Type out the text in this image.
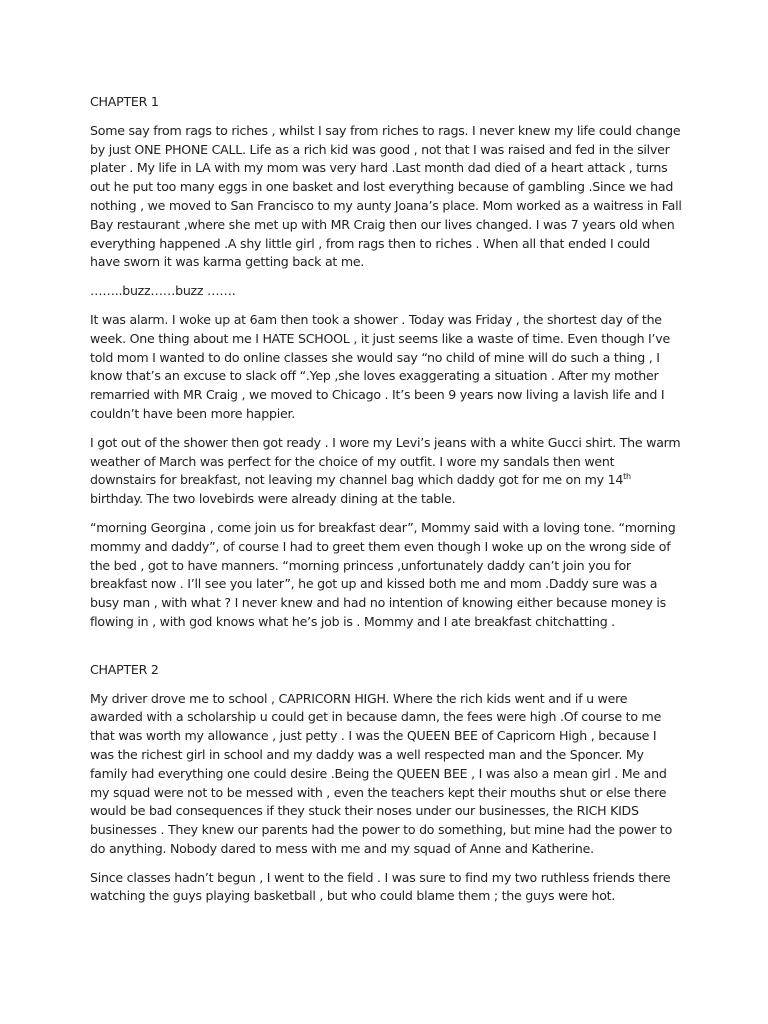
CHAPTER 1

Some say from rags to riches , whilst I say from riches to rags. I never knew my life could change by just ONE PHONE CALL. Life as a rich kid was good , not that I was raised and fed in the silver plater . My life in LA with my mom was very hard .Last month dad died of a heart attack , turns out he put too many eggs in one basket and lost everything because of gambling .Since we had nothing , we moved to San Francisco to my aunty Joana’s place. Mom worked as a waitress in Fall Bay restaurant ,where she met up with MR Craig then our lives changed. I was 7 years old when everything happened .A shy little girl , from rags then to riches . When all that ended I could have sworn it was karma getting back at me.

……..buzz……buzz …….

It was alarm. I woke up at 6am then took a shower . Today was Friday , the shortest day of the week. One thing about me I HATE SCHOOL , it just seems like a waste of time. Even though I’ve told mom I wanted to do online classes she would say “no child of mine will do such a thing , I know that’s an excuse to slack off “.Yep ,she loves exaggerating a situation . After my mother remarried with MR Craig , we moved to Chicago . It’s been 9 years now living a lavish life and I couldn’t have been more happier.

I got out of the shower then got ready . I wore my Levi’s jeans with a white Gucci shirt. The warm weather of March was perfect for the choice of my outfit. I wore my sandals then went downstairs for breakfast, not leaving my channel bag which daddy got for me on my 14th birthday. The two lovebirds were already dining at the table.

“morning Georgina , come join us for breakfast dear”, Mommy said with a loving tone. “morning mommy and daddy”, of course I had to greet them even though I woke up on the wrong side of the bed , got to have manners. “morning princess ,unfortunately daddy can’t join you for breakfast now . I’ll see you later”, he got up and kissed both me and mom .Daddy sure was a busy man , with what ? I never knew and had no intention of knowing either because money is flowing in , with god knows what he’s job is . Mommy and I ate breakfast chitchatting .

CHAPTER 2

My driver drove me to school , CAPRICORN HIGH. Where the rich kids went and if u were awarded with a scholarship u could get in because damn, the fees were high .Of course to me that was worth my allowance , just petty . I was the QUEEN BEE of Capricorn High , because I was the richest girl in school and my daddy was a well respected man and the Sponcer. My family had everything one could desire .Being the QUEEN BEE , I was also a mean girl . Me and my squad were not to be messed with , even the teachers kept their mouths shut or else there would be bad consequences if they stuck their noses under our businesses, the RICH KIDS businesses . They knew our parents had the power to do something, but mine had the power to do anything. Nobody dared to mess with me and my squad of Anne and Katherine.

Since classes hadn’t begun , I went to the field . I was sure to find my two ruthless friends there watching the guys playing basketball , but who could blame them ; the guys were hot.
